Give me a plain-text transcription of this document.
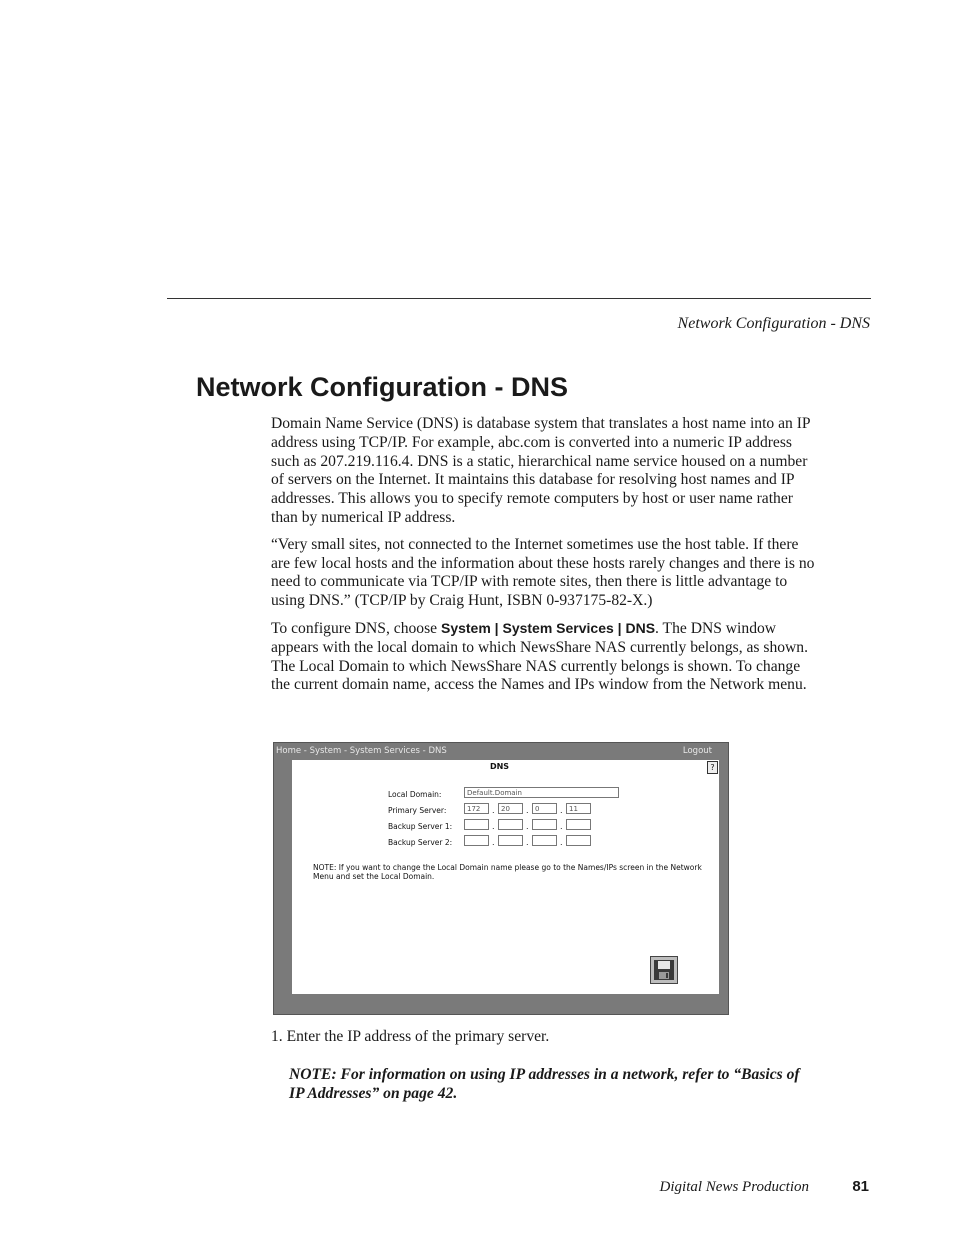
Network Configuration - DNS
Network Configuration - DNS

Domain Name Service (DNS) is database system that translates a host name into an IP address using TCP/IP. For example, abc.com is converted into a numeric IP address such as 207.219.116.4. DNS is a static, hierarchical name service housed on a number of servers on the Internet. It maintains this database for resolving host names and IP addresses. This allows you to specify remote computers by host or user name rather than by numerical IP address.

“Very small sites, not connected to the Internet sometimes use the host table. If there are few local hosts and the information about these hosts rarely changes and there is no need to communicate via TCP/IP with remote sites, then there is little advantage to using DNS.” (TCP/IP by Craig Hunt, ISBN 0-937175-82-X.)

To configure DNS, choose System | System Services | DNS. The DNS window appears with the local domain to which NewsShare NAS currently belongs, as shown. The Local Domain to which NewsShare NAS currently belongs is shown. To change the current domain name, access the Names and IPs window from the Network menu.

Home - System - System Services - DNS	Logout
DNS	?
Local Domain:	Default.Domain
Primary Server:	172	. 20	. 0	. 11
Backup Server 1:	.	.	.
Backup Server 2:	.	.	.
NOTE: If you want to change the Local Domain name please go to the Names/IPs screen in the Network Menu and set the Local Domain.
1. Enter the IP address of the primary server.
NOTE: For information on using IP addresses in a network, refer to “Basics of IP Addresses” on page 42.
Digital News Production	81
